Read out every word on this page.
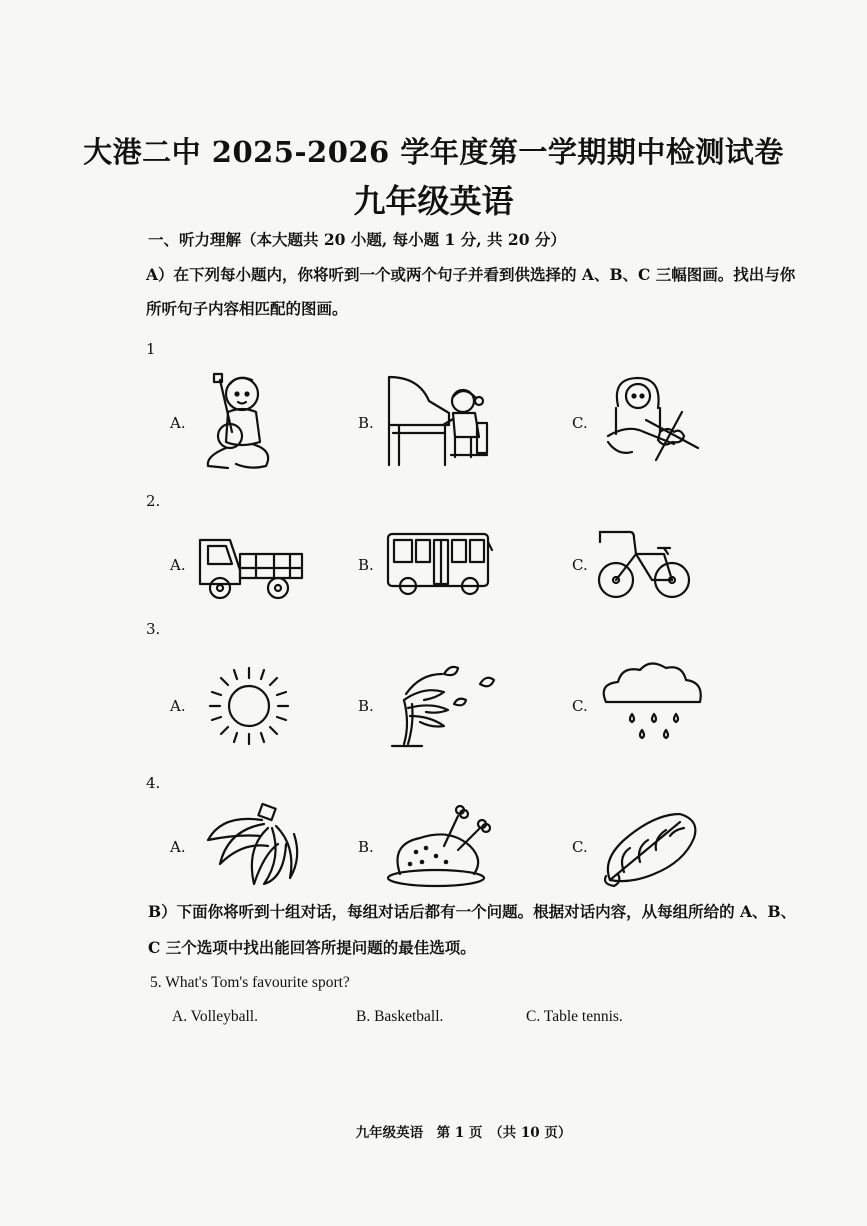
大港二中 2025-2026 学年度第一学期期中检测试卷
九年级英语
一、听力理解（本大题共 20 小题, 每小题 1 分, 共 20 分）
A）在下列每小题内，你将听到一个或两个句子并看到供选择的 A、B、C 三幅图画。找出与你所听句子内容相匹配的图画。
1
A.	B.	C.
2.
A.	B.	C.
3.
A.	B.	C.
4.
A.	B.	C.
B）下面你将听到十组对话，每组对话后都有一个问题。根据对话内容，从每组所给的 A、B、C 三个选项中找出能回答所提问题的最佳选项。
5. What's Tom's favourite sport?
A. Volleyball.	B. Basketball.	C. Table tennis.
九年级英语　第 1 页　（共 10 页）
